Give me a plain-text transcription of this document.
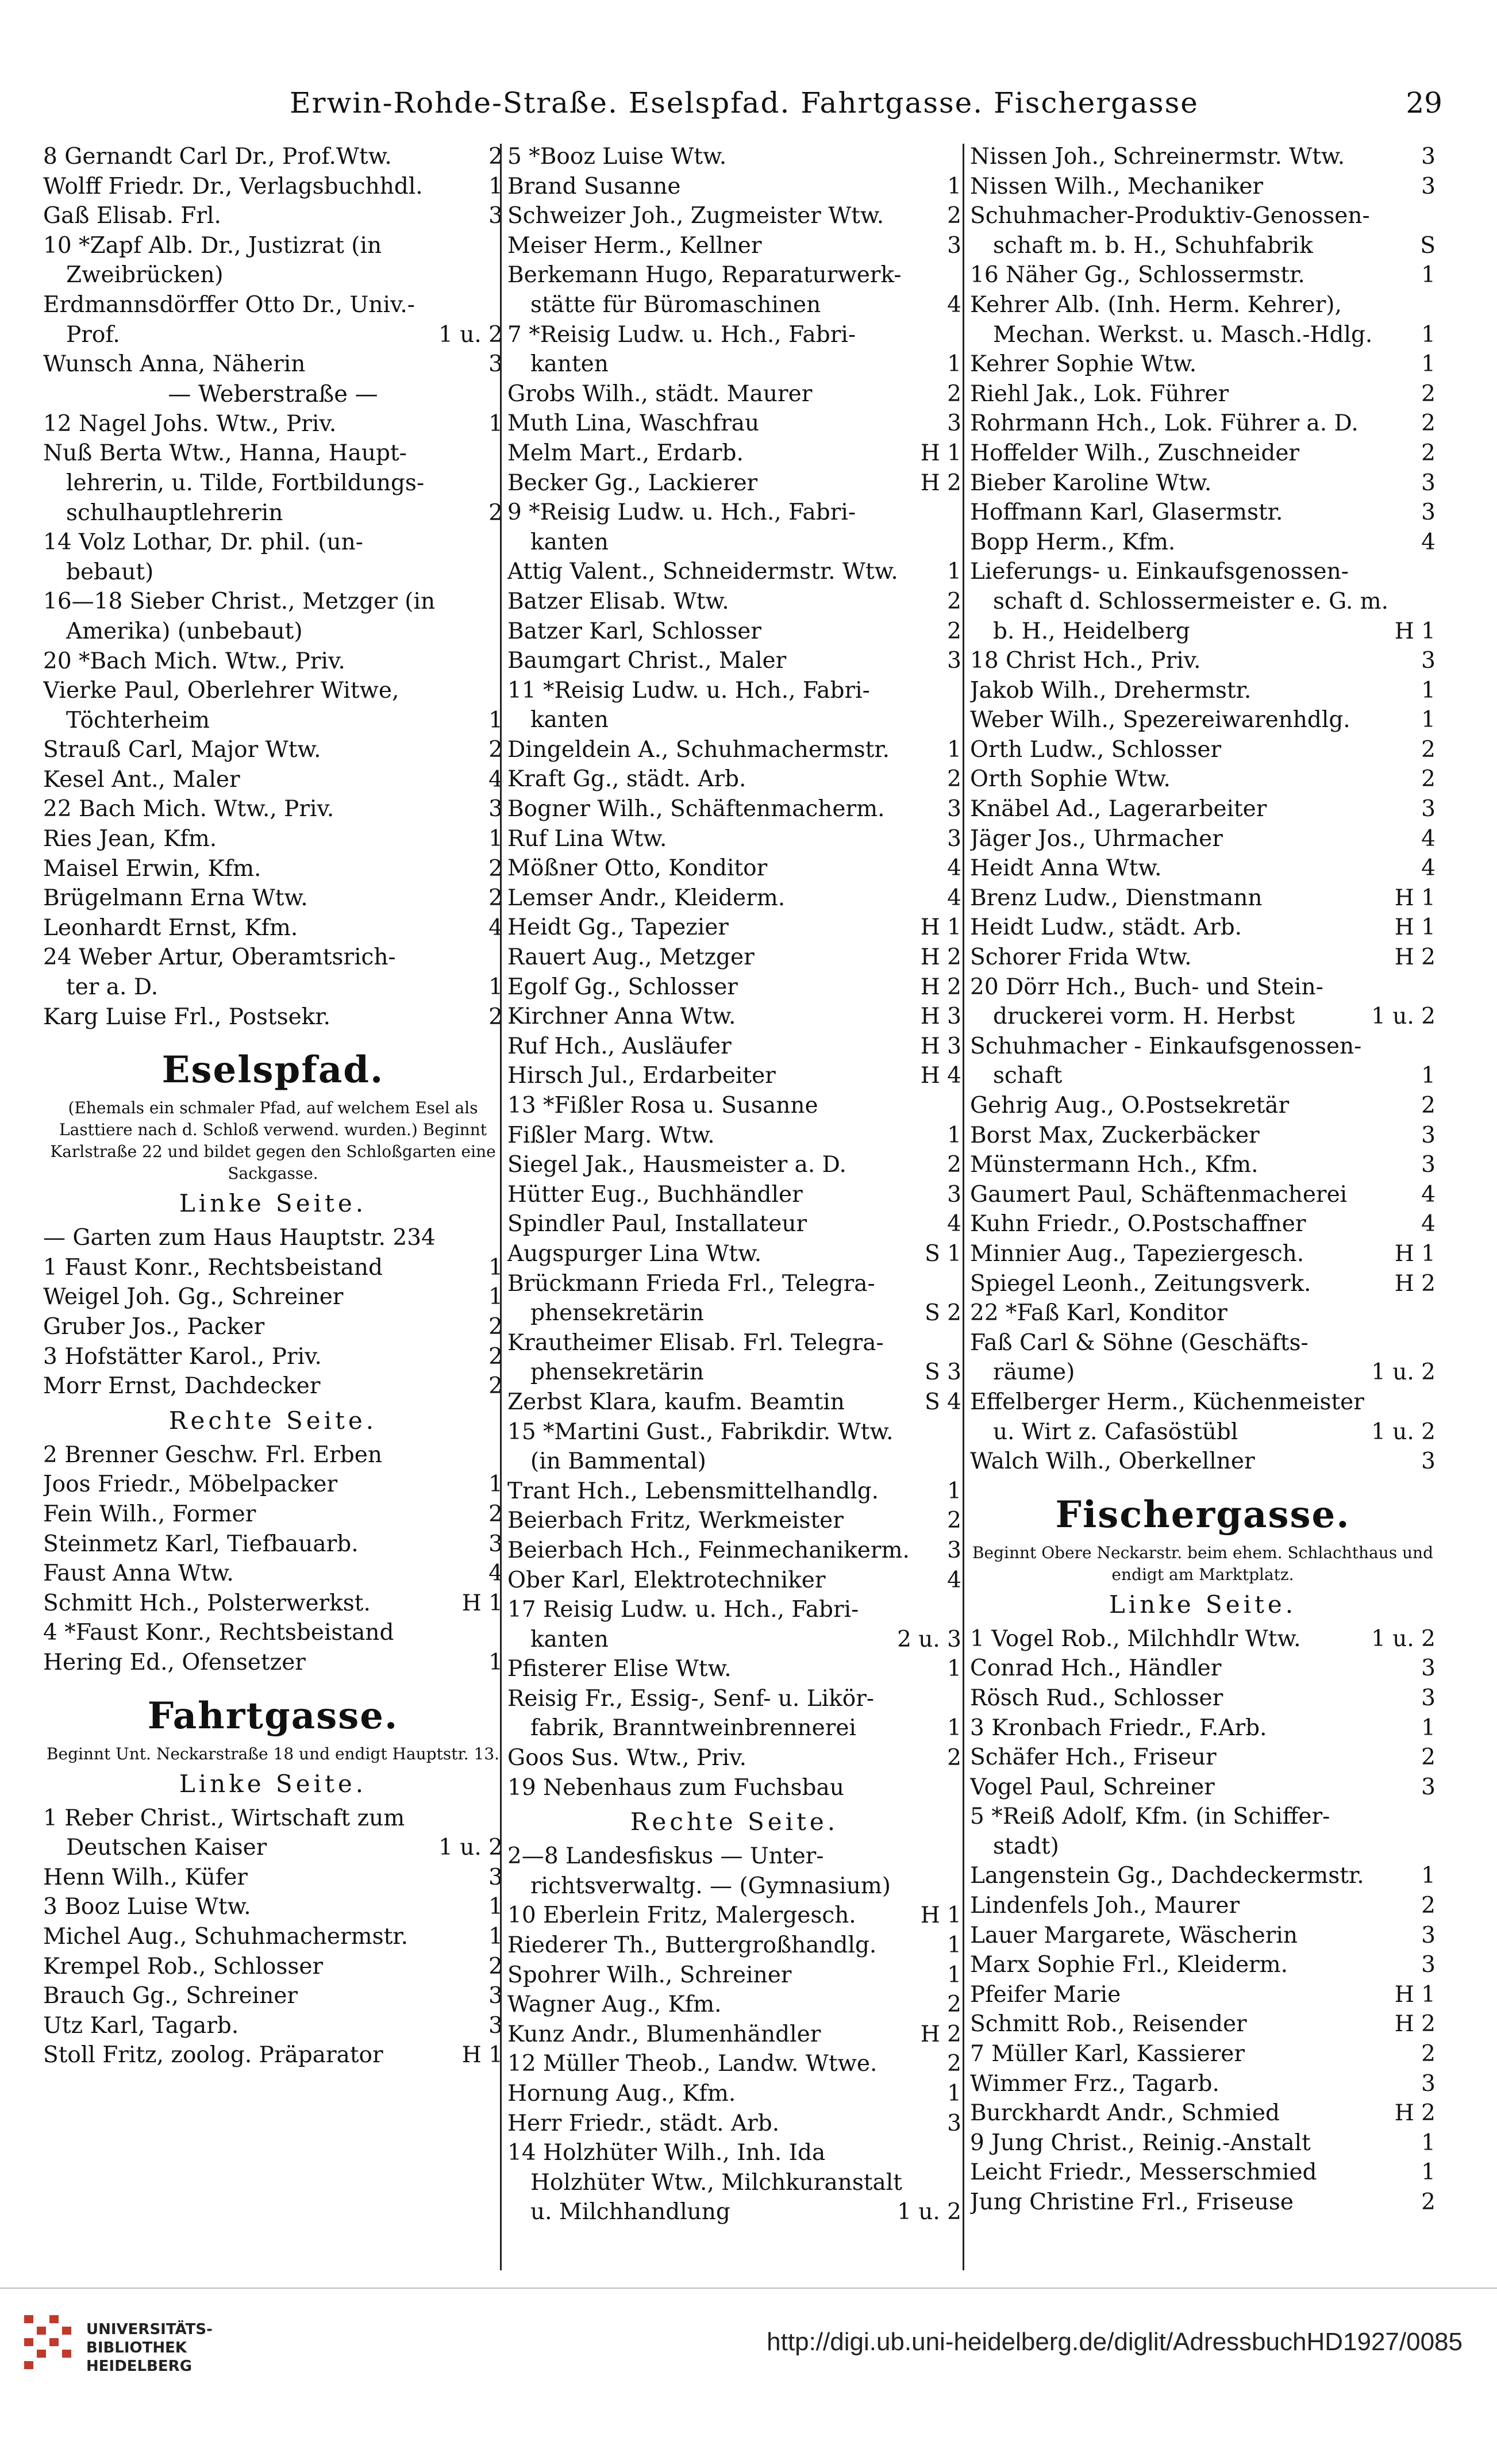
Erwin-Rohde-Straße. Eselspfad. Fahrtgasse. Fischergasse	29
8 Gernandt Carl Dr., Prof.Wtw.	2
Wolff Friedr. Dr., Verlagsbuchhdl.	1
Gaß Elisab. Frl.	3
10 *Zapf Alb. Dr., Justizrat (in
Zweibrücken)
Erdmannsdörffer Otto Dr., Univ.-
Prof.	1 u. 2
Wunsch Anna, Näherin	3
— Weberstraße —
12 Nagel Johs. Wtw., Priv.	1
Nuß Berta Wtw., Hanna, Haupt-
lehrerin, u. Tilde, Fortbildungs-
schulhauptlehrerin	2
14 Volz Lothar, Dr. phil. (un-
bebaut)
16—18 Sieber Christ., Metzger (in
Amerika) (unbebaut)
20 *Bach Mich. Wtw., Priv.
Vierke Paul, Oberlehrer Witwe,
Töchterheim	1
Strauß Carl, Major Wtw.	2
Kesel Ant., Maler	4
22 Bach Mich. Wtw., Priv.	3
Ries Jean, Kfm.	1
Maisel Erwin, Kfm.	2
Brügelmann Erna Wtw.	2
Leonhardt Ernst, Kfm.	4
24 Weber Artur, Oberamtsrich-
ter a. D.	1
Karg Luise Frl., Postsekr.	2
Eselspfad.
(Ehemals ein schmaler Pfad, auf welchem Esel als Lasttiere nach d. Schloß verwend. wurden.) Beginnt Karlstraße 22 und bildet gegen den Schloßgarten eine Sackgasse.
Linke Seite.
— Garten zum Haus Hauptstr. 234
1 Faust Konr., Rechtsbeistand	1
Weigel Joh. Gg., Schreiner	1
Gruber Jos., Packer	2
3 Hofstätter Karol., Priv.	2
Morr Ernst, Dachdecker	2
Rechte Seite.
2 Brenner Geschw. Frl. Erben
Joos Friedr., Möbelpacker	1
Fein Wilh., Former	2
Steinmetz Karl, Tiefbauarb.	3
Faust Anna Wtw.	4
Schmitt Hch., Polsterwerkst.	H 1
4 *Faust Konr., Rechtsbeistand
Hering Ed., Ofensetzer	1
Fahrtgasse.
Beginnt Unt. Neckarstraße 18 und endigt Hauptstr. 13.
Linke Seite.
1 Reber Christ., Wirtschaft zum
Deutschen Kaiser	1 u. 2
Henn Wilh., Küfer	3
3 Booz Luise Wtw.	1
Michel Aug., Schuhmachermstr.	1
Krempel Rob., Schlosser	2
Brauch Gg., Schreiner	3
Utz Karl, Tagarb.	3
Stoll Fritz, zoolog. Präparator	H 1
5 *Booz Luise Wtw.
Brand Susanne	1
Schweizer Joh., Zugmeister Wtw.	2
Meiser Herm., Kellner	3
Berkemann Hugo, Reparaturwerk-
stätte für Büromaschinen	4
7 *Reisig Ludw. u. Hch., Fabri-
kanten	1
Grobs Wilh., städt. Maurer	2
Muth Lina, Waschfrau	3
Melm Mart., Erdarb.	H 1
Becker Gg., Lackierer	H 2
9 *Reisig Ludw. u. Hch., Fabri-
kanten
Attig Valent., Schneidermstr. Wtw.	1
Batzer Elisab. Wtw.	2
Batzer Karl, Schlosser	2
Baumgart Christ., Maler	3
11 *Reisig Ludw. u. Hch., Fabri-
kanten
Dingeldein A., Schuhmachermstr.	1
Kraft Gg., städt. Arb.	2
Bogner Wilh., Schäftenmacherm.	3
Ruf Lina Wtw.	3
Mößner Otto, Konditor	4
Lemser Andr., Kleiderm.	4
Heidt Gg., Tapezier	H 1
Rauert Aug., Metzger	H 2
Egolf Gg., Schlosser	H 2
Kirchner Anna Wtw.	H 3
Ruf Hch., Ausläufer	H 3
Hirsch Jul., Erdarbeiter	H 4
13 *Fißler Rosa u. Susanne
Fißler Marg. Wtw.	1
Siegel Jak., Hausmeister a. D.	2
Hütter Eug., Buchhändler	3
Spindler Paul, Installateur	4
Augspurger Lina Wtw.	S 1
Brückmann Frieda Frl., Telegra-
phensekretärin	S 2
Krautheimer Elisab. Frl. Telegra-
phensekretärin	S 3
Zerbst Klara, kaufm. Beamtin	S 4
15 *Martini Gust., Fabrikdir. Wtw.
(in Bammental)
Trant Hch., Lebensmittelhandlg.	1
Beierbach Fritz, Werkmeister	2
Beierbach Hch., Feinmechanikerm.	3
Ober Karl, Elektrotechniker	4
17 Reisig Ludw. u. Hch., Fabri-
kanten	2 u. 3
Pfisterer Elise Wtw.	1
Reisig Fr., Essig-, Senf- u. Likör-
fabrik, Branntweinbrennerei	1
Goos Sus. Wtw., Priv.	2
19 Nebenhaus zum Fuchsbau
Rechte Seite.
2—8 Landesfiskus — Unter-
richtsverwaltg. — (Gymnasium)
10 Eberlein Fritz, Malergesch.	H 1
Riederer Th., Buttergroßhandlg.	1
Spohrer Wilh., Schreiner	1
Wagner Aug., Kfm.	2
Kunz Andr., Blumenhändler	H 2
12 Müller Theob., Landw. Wtwe.	2
Hornung Aug., Kfm.	1
Herr Friedr., städt. Arb.	3
14 Holzhüter Wilh., Inh. Ida
Holzhüter Wtw., Milchkuranstalt
u. Milchhandlung	1 u. 2
Nissen Joh., Schreinermstr. Wtw.	3
Nissen Wilh., Mechaniker	3
Schuhmacher-Produktiv-Genossen-
schaft m. b. H., Schuhfabrik	S
16 Näher Gg., Schlossermstr.	1
Kehrer Alb. (Inh. Herm. Kehrer),
Mechan. Werkst. u. Masch.-Hdlg.	1
Kehrer Sophie Wtw.	1
Riehl Jak., Lok. Führer	2
Rohrmann Hch., Lok. Führer a. D.	2
Hoffelder Wilh., Zuschneider	2
Bieber Karoline Wtw.	3
Hoffmann Karl, Glasermstr.	3
Bopp Herm., Kfm.	4
Lieferungs- u. Einkaufsgenossen-
schaft d. Schlossermeister e. G. m.
b. H., Heidelberg	H 1
18 Christ Hch., Priv.	3
Jakob Wilh., Drehermstr.	1
Weber Wilh., Spezereiwarenhdlg.	1
Orth Ludw., Schlosser	2
Orth Sophie Wtw.	2
Knäbel Ad., Lagerarbeiter	3
Jäger Jos., Uhrmacher	4
Heidt Anna Wtw.	4
Brenz Ludw., Dienstmann	H 1
Heidt Ludw., städt. Arb.	H 1
Schorer Frida Wtw.	H 2
20 Dörr Hch., Buch- und Stein-
druckerei vorm. H. Herbst	1 u. 2
Schuhmacher - Einkaufsgenossen-
schaft	1
Gehrig Aug., O.Postsekretär	2
Borst Max, Zuckerbäcker	3
Münstermann Hch., Kfm.	3
Gaumert Paul, Schäftenmacherei	4
Kuhn Friedr., O.Postschaffner	4
Minnier Aug., Tapeziergesch.	H 1
Spiegel Leonh., Zeitungsverk.	H 2
22 *Faß Karl, Konditor
Faß Carl & Söhne (Geschäfts-
räume)	1 u. 2
Effelberger Herm., Küchenmeister
u. Wirt z. Cafasöstübl	1 u. 2
Walch Wilh., Oberkellner	3
Fischergasse.
Beginnt Obere Neckarstr. beim ehem. Schlachthaus und endigt am Marktplatz.
Linke Seite.
1 Vogel Rob., Milchhdlr Wtw.	1 u. 2
Conrad Hch., Händler	3
Rösch Rud., Schlosser	3
3 Kronbach Friedr., F.Arb.	1
Schäfer Hch., Friseur	2
Vogel Paul, Schreiner	3
5 *Reiß Adolf, Kfm. (in Schiffer-
stadt)
Langenstein Gg., Dachdeckermstr.	1
Lindenfels Joh., Maurer	2
Lauer Margarete, Wäscherin	3
Marx Sophie Frl., Kleiderm.	3
Pfeifer Marie	H 1
Schmitt Rob., Reisender	H 2
7 Müller Karl, Kassierer	2
Wimmer Frz., Tagarb.	3
Burckhardt Andr., Schmied	H 2
9 Jung Christ., Reinig.-Anstalt	1
Leicht Friedr., Messerschmied	1
Jung Christine Frl., Friseuse	2
UNIVERSITÄTS-
BIBLIOTHEK
HEIDELBERG
http://digi.ub.uni-heidelberg.de/diglit/AdressbuchHD1927/0085
